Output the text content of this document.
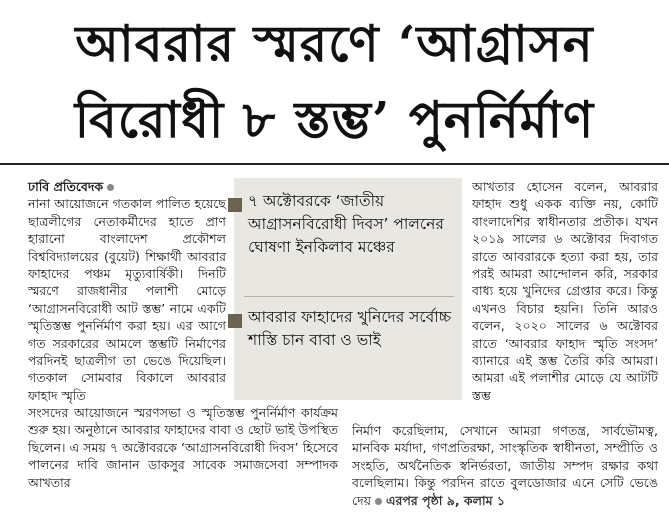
আবরার স্মরণে ‘আগ্রাসন
বিরোধী ৮ স্তম্ভ’ পুনর্নির্মাণ

ঢাবি প্রতিবেদক

নানা আয়োজনে গতকাল পালিত হয়েছে ছাত্রলীগের নেতাকর্মীদের হাতে প্রাণ হারানো বাংলাদেশ প্রকৌশল বিশ্ববিদ্যালয়ের (বুয়েট) শিক্ষার্থী আবরার ফাহাদের পঞ্চম মৃত্যুবার্ষিকী। দিনটি স্মরণে রাজধানীর পলাশী মোড়ে ‘আগ্রাসনবিরোধী আট স্তম্ভ’ নামে একটি স্মৃতিস্তম্ভ পুনর্নির্মাণ করা হয়। এর আগে গত সরকারের আমলে স্তম্ভটি নির্মাণের পরদিনই ছাত্রলীগ তা ভেঙে দিয়েছিল। গতকাল সোমবার বিকালে আবরার ফাহাদ স্মৃতি

৭ অক্টোবরকে ‘জাতীয় আগ্রাসনবিরোধী দিবস’ পালনের ঘোষণা ইনকিলাব মঞ্চের
আবরার ফাহাদের খুনিদের সর্বোচ্চ শাস্তি চান বাবা ও ভাই

আখতার হোসেন বলেন, আবরার ফাহাদ শুধু একক ব্যক্তি নয়, কোটি বাংলাদেশির স্বাধীনতার প্রতীক। যখন ২০১৯ সালের ৬ অক্টোবর দিবাগত রাতে আবরারকে হত্যা করা হয়, তার পরই আমরা আন্দোলন করি, সরকার বাধ্য হয়ে খুনিদের গ্রেপ্তার করে। কিন্তু এখনও বিচার হয়নি। তিনি আরও বলেন, ২০২০ সালের ৬ অক্টোবর রাতে ‘আবরার ফাহাদ স্মৃতি সংসদ’ ব্যানারে এই স্তম্ভ তৈরি করি আমরা। আমরা এই পলাশীর মোড়ে যে আটটি স্তম্ভ

সংসদের আয়োজনে স্মরণসভা ও স্মৃতিস্তম্ভ পুনর্নির্মাণ কার্যক্রম শুরু হয়। অনুষ্ঠানে আবরার ফাহাদের বাবা ও ছোট ভাই উপস্থিত ছিলেন। এ সময় ৭ অক্টোবরকে ‘আগ্রাসনবিরোধী দিবস’ হিসেবে পালনের দাবি জানান ডাকসুর সাবেক সমাজসেবা সম্পাদক আখতার

নির্মাণ করেছিলাম, সেখানে আমরা গণতন্ত্র, সার্বভৌমত্ব, মানবিক মর্যাদা, গণপ্রতিরক্ষা, সাংস্কৃতিক স্বাধীনতা, সম্প্রীতি ও সংহতি, অর্থনৈতিক স্বনির্ভরতা, জাতীয় সম্পদ রক্ষার কথা বলেছিলাম। কিন্তু পরদিন রাতে বুলডোজার এনে সেটি ভেঙে দেয় এরপর পৃষ্ঠা ৯, কলাম ১
